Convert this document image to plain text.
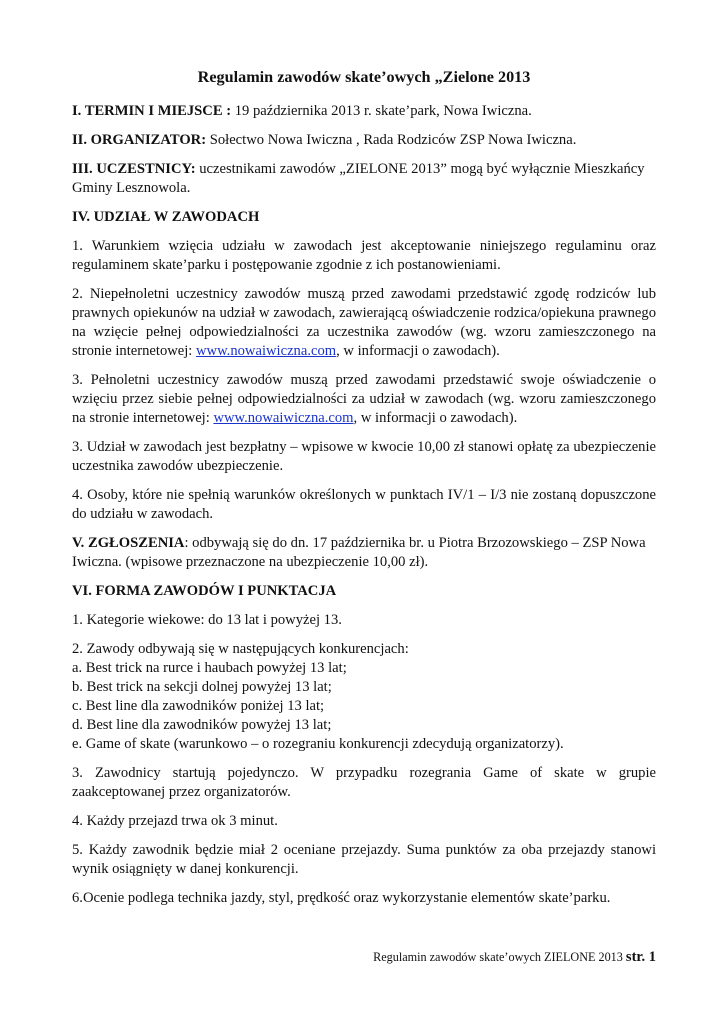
Regulamin zawodów skate’owych „Zielone 2013

I. TERMIN I MIEJSCE : 19 października 2013 r. skate’park, Nowa Iwiczna.

II. ORGANIZATOR: Sołectwo Nowa Iwiczna , Rada Rodziców ZSP Nowa Iwiczna.

III. UCZESTNICY: uczestnikami zawodów „ZIELONE 2013” mogą być wyłącznie Mieszkańcy Gminy Lesznowola.

IV. UDZIAŁ W ZAWODACH

1. Warunkiem wzięcia udziału w zawodach jest akceptowanie niniejszego regulaminu oraz regulaminem skate’parku i postępowanie zgodnie z ich postanowieniami.

2. Niepełnoletni uczestnicy zawodów muszą przed zawodami przedstawić zgodę rodziców lub prawnych opiekunów na udział w zawodach, zawierającą oświadczenie rodzica/opiekuna prawnego na wzięcie pełnej odpowiedzialności za uczestnika zawodów (wg. wzoru zamieszczonego na stronie internetowej: www.nowaiwiczna.com, w informacji o zawodach).

3. Pełnoletni uczestnicy zawodów muszą przed zawodami przedstawić swoje oświadczenie o wzięciu przez siebie pełnej odpowiedzialności za udział w zawodach (wg. wzoru zamieszczonego na stronie internetowej: www.nowaiwiczna.com, w informacji o zawodach).

3. Udział w zawodach jest bezpłatny – wpisowe w kwocie 10,00 zł stanowi opłatę za ubezpieczenie uczestnika zawodów ubezpieczenie.

4. Osoby, które nie spełnią warunków określonych w punktach IV/1 – I/3 nie zostaną dopuszczone do udziału w zawodach.

V. ZGŁOSZENIA: odbywają się do dn. 17 października br. u Piotra Brzozowskiego – ZSP Nowa Iwiczna. (wpisowe przeznaczone na ubezpieczenie 10,00 zł).

VI. FORMA ZAWODÓW I PUNKTACJA

1. Kategorie wiekowe: do 13 lat i powyżej 13.

2. Zawody odbywają się w następujących konkurencjach:

a. Best trick na rurce i haubach powyżej 13 lat;

b. Best trick na sekcji dolnej powyżej 13 lat;

c. Best line dla zawodników poniżej 13 lat;

d. Best line dla zawodników powyżej 13 lat;

e. Game of skate (warunkowo – o rozegraniu konkurencji zdecydują organizatorzy).

3. Zawodnicy startują pojedynczo. W przypadku rozegrania Game of skate w grupie zaakceptowanej przez organizatorów.

4. Każdy przejazd trwa ok 3 minut.

5. Każdy zawodnik będzie miał 2 oceniane przejazdy. Suma punktów za oba przejazdy stanowi wynik osiągnięty w danej konkurencji.

6.Ocenie podlega technika jazdy, styl, prędkość oraz wykorzystanie elementów skate’parku.

Regulamin zawodów skate’owych ZIELONE 2013 str. 1
